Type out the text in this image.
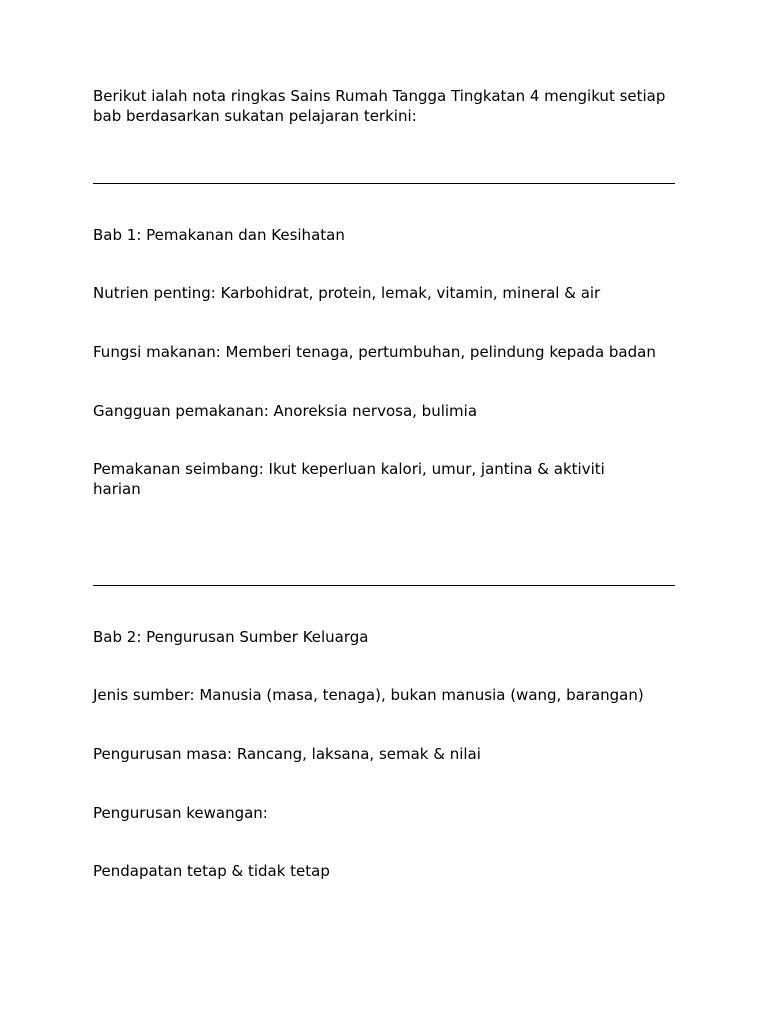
Berikut ialah nota ringkas Sains Rumah Tangga Tingkatan 4 mengikut setiap bab berdasarkan sukatan pelajaran terkini:

Bab 1: Pemakanan dan Kesihatan

Nutrien penting: Karbohidrat, protein, lemak, vitamin, mineral & air

Fungsi makanan: Memberi tenaga, pertumbuhan, pelindung kepada badan

Gangguan pemakanan: Anoreksia nervosa, bulimia

Pemakanan seimbang: Ikut keperluan kalori, umur, jantina & aktiviti harian

Bab 2: Pengurusan Sumber Keluarga

Jenis sumber: Manusia (masa, tenaga), bukan manusia (wang, barangan)

Pengurusan masa: Rancang, laksana, semak & nilai

Pengurusan kewangan:

Pendapatan tetap & tidak tetap
